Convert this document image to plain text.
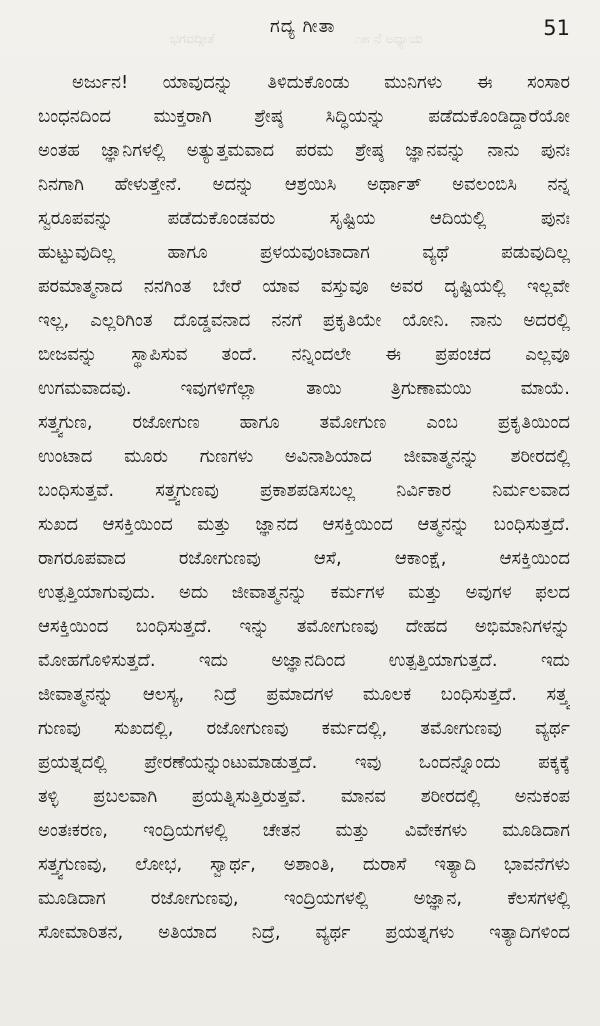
ಭಗವದ್ಗೀತೆ	೧೫ ನೆ ಅಧ್ಯಾಯ
ಗದ್ಯ ಗೀತಾ	51
ಅರ್ಜುನ! ಯಾವುದನ್ನು ತಿಳಿದುಕೊಂಡು ಮುನಿಗಳು ಈ ಸಂಸಾರ
ಬಂಧನದಿಂದ ಮುಕ್ತರಾಗಿ ಶ್ರೇಷ್ಠ ಸಿದ್ಧಿಯನ್ನು ಪಡೆದುಕೊಂಡಿದ್ದಾರೆಯೋ
ಅಂತಹ ಜ್ಞಾನಿಗಳಲ್ಲಿ ಅತ್ಯುತ್ತಮವಾದ ಪರಮ ಶ್ರೇಷ್ಠ ಜ್ಞಾನವನ್ನು ನಾನು ಪುನಃ
ನಿನಗಾಗಿ ಹೇಳುತ್ತೇನೆ. ಅದನ್ನು ಆಶ್ರಯಿಸಿ ಅರ್ಥಾತ್ ಅವಲಂಬಿಸಿ ನನ್ನ
ಸ್ವರೂಪವನ್ನು ಪಡೆದುಕೊಂಡವರು ಸೃಷ್ಟಿಯ ಆದಿಯಲ್ಲಿ ಪುನಃ
ಹುಟ್ಟುವುದಿಲ್ಲ ಹಾಗೂ ಪ್ರಳಯವುಂಟಾದಾಗ ವ್ಯಥೆ ಪಡುವುದಿಲ್ಲ
ಪರಮಾತ್ಮನಾದ ನನಗಿಂತ ಬೇರೆ ಯಾವ ವಸ್ತುವೂ ಅವರ ದೃಷ್ಟಿಯಲ್ಲಿ ಇಲ್ಲವೇ
ಇಲ್ಲ, ಎಲ್ಲರಿಗಿಂತ ದೊಡ್ಡವನಾದ ನನಗೆ ಪ್ರಕೃತಿಯೇ ಯೋನಿ. ನಾನು ಅದರಲ್ಲಿ
ಬೀಜವನ್ನು ಸ್ಥಾಪಿಸುವ ತಂದೆ. ನನ್ನಿಂದಲೇ ಈ ಪ್ರಪಂಚದ ಎಲ್ಲವೂ
ಉಗಮವಾದವು. ಇವುಗಳಿಗೆಲ್ಲಾ ತಾಯಿ ತ್ರಿಗುಣಾಮಯಿ ಮಾಯೆ.
ಸತ್ತ್ವಗುಣ, ರಜೋಗುಣ ಹಾಗೂ ತಮೋಗುಣ ಎಂಬ ಪ್ರಕೃತಿಯಿಂದ
ಉಂಟಾದ ಮೂರು ಗುಣಗಳು ಅವಿನಾಶಿಯಾದ ಜೀವಾತ್ಮನನ್ನು ಶರೀರದಲ್ಲಿ
ಬಂಧಿಸುತ್ತವೆ. ಸತ್ತ್ವಗುಣವು ಪ್ರಕಾಶಪಡಿಸಬಲ್ಲ ನಿರ್ವಿಕಾರ ನಿರ್ಮಲವಾದ
ಸುಖದ ಆಸಕ್ತಿಯಿಂದ ಮತ್ತು ಜ್ಞಾನದ ಆಸಕ್ತಿಯಿಂದ ಆತ್ಮನನ್ನು ಬಂಧಿಸುತ್ತದೆ.
ರಾಗರೂಪವಾದ ರಜೋಗುಣವು ಆಸೆ, ಆಕಾಂಕ್ಷೆ, ಆಸಕ್ತಿಯಿಂದ
ಉತ್ಪತ್ತಿಯಾಗುವುದು. ಅದು ಜೀವಾತ್ಮನನ್ನು ಕರ್ಮಗಳ ಮತ್ತು ಅವುಗಳ ಫಲದ
ಆಸಕ್ತಿಯಿಂದ ಬಂಧಿಸುತ್ತದೆ. ಇನ್ನು ತಮೋಗುಣವು ದೇಹದ ಅಭಿಮಾನಿಗಳನ್ನು
ಮೋಹಗೊಳಿಸುತ್ತದೆ. ಇದು ಅಜ್ಞಾನದಿಂದ ಉತ್ಪತ್ತಿಯಾಗುತ್ತದೆ. ಇದು
ಜೀವಾತ್ಮನನ್ನು ಆಲಸ್ಯ, ನಿದ್ರೆ ಪ್ರಮಾದಗಳ ಮೂಲಕ ಬಂಧಿಸುತ್ತದೆ. ಸತ್ತ್ವ
ಗುಣವು ಸುಖದಲ್ಲಿ, ರಜೋಗುಣವು ಕರ್ಮದಲ್ಲಿ, ತಮೋಗುಣವು ವ್ಯರ್ಥ
ಪ್ರಯತ್ನದಲ್ಲಿ ಪ್ರೇರಣೆಯನ್ನುಂಟುಮಾಡುತ್ತದೆ. ಇವು ಒಂದನ್ನೊಂದು ಪಕ್ಕಕ್ಕೆ
ತಳ್ಳಿ ಪ್ರಬಲವಾಗಿ ಪ್ರಯತ್ನಿಸುತ್ತಿರುತ್ತವೆ. ಮಾನವ ಶರೀರದಲ್ಲಿ ಅನುಕಂಪ
ಅಂತಃಕರಣ, ಇಂದ್ರಿಯಗಳಲ್ಲಿ ಚೇತನ ಮತ್ತು ವಿವೇಕಗಳು ಮೂಡಿದಾಗ
ಸತ್ತ್ವಗುಣವು, ಲೋಭ, ಸ್ವಾರ್ಥ, ಅಶಾಂತಿ, ದುರಾಸೆ ಇತ್ಯಾದಿ ಭಾವನೆಗಳು
ಮೂಡಿದಾಗ ರಜೋಗುಣವು, ಇಂದ್ರಿಯಗಳಲ್ಲಿ ಅಜ್ಞಾನ, ಕೆಲಸಗಳಲ್ಲಿ
ಸೋಮಾರಿತನ, ಅತಿಯಾದ ನಿದ್ರೆ, ವ್ಯರ್ಥ ಪ್ರಯತ್ನಗಳು ಇತ್ಯಾದಿಗಳಿಂದ
